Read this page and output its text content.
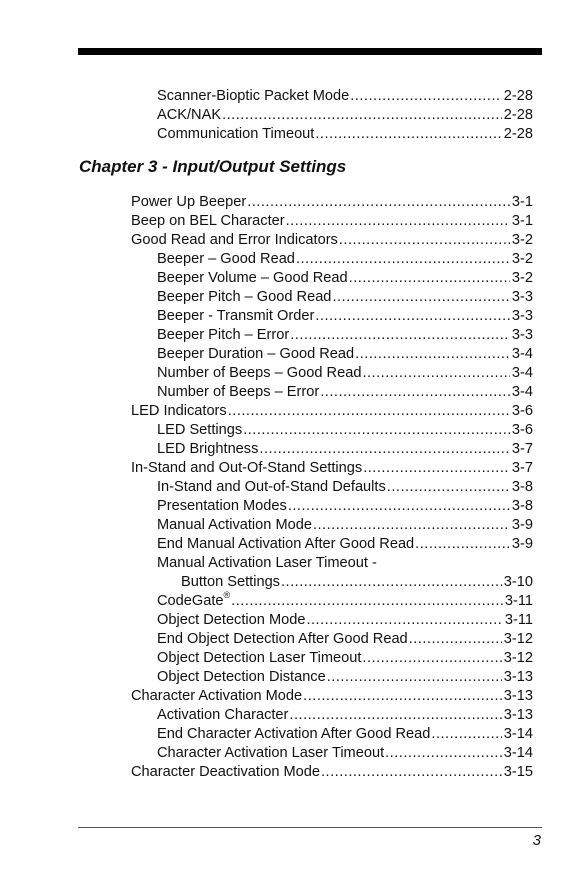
Scanner-Bioptic Packet Mode .....	2-28
ACK/NAK .....	2-28
Communication Timeout .....	2-28
Chapter 3 - Input/Output Settings
Power Up Beeper .....	3-1
Beep on BEL Character .....	3-1
Good Read and Error Indicators .....	3-2
Beeper – Good Read .....	3-2
Beeper Volume – Good Read .....	3-2
Beeper Pitch – Good Read .....	3-3
Beeper - Transmit Order .....	3-3
Beeper Pitch – Error .....	3-3
Beeper Duration – Good Read .....	3-4
Number of Beeps – Good Read .....	3-4
Number of Beeps – Error .....	3-4
LED Indicators .....	3-6
LED Settings .....	3-6
LED Brightness .....	3-7
In-Stand and Out-Of-Stand Settings .....	3-7
In-Stand and Out-of-Stand Defaults .....	3-8
Presentation Modes .....	3-8
Manual Activation Mode .....	3-9
End Manual Activation After Good Read .....	3-9
Manual Activation Laser Timeout -
Button Settings .....	3-10
CodeGate® .....	3-11
Object Detection Mode .....	3-11
End Object Detection After Good Read .....	3-12
Object Detection Laser Timeout .....	3-12
Object Detection Distance .....	3-13
Character Activation Mode .....	3-13
Activation Character .....	3-13
End Character Activation After Good Read .....	3-14
Character Activation Laser Timeout .....	3-14
Character Deactivation Mode .....	3-15
3
